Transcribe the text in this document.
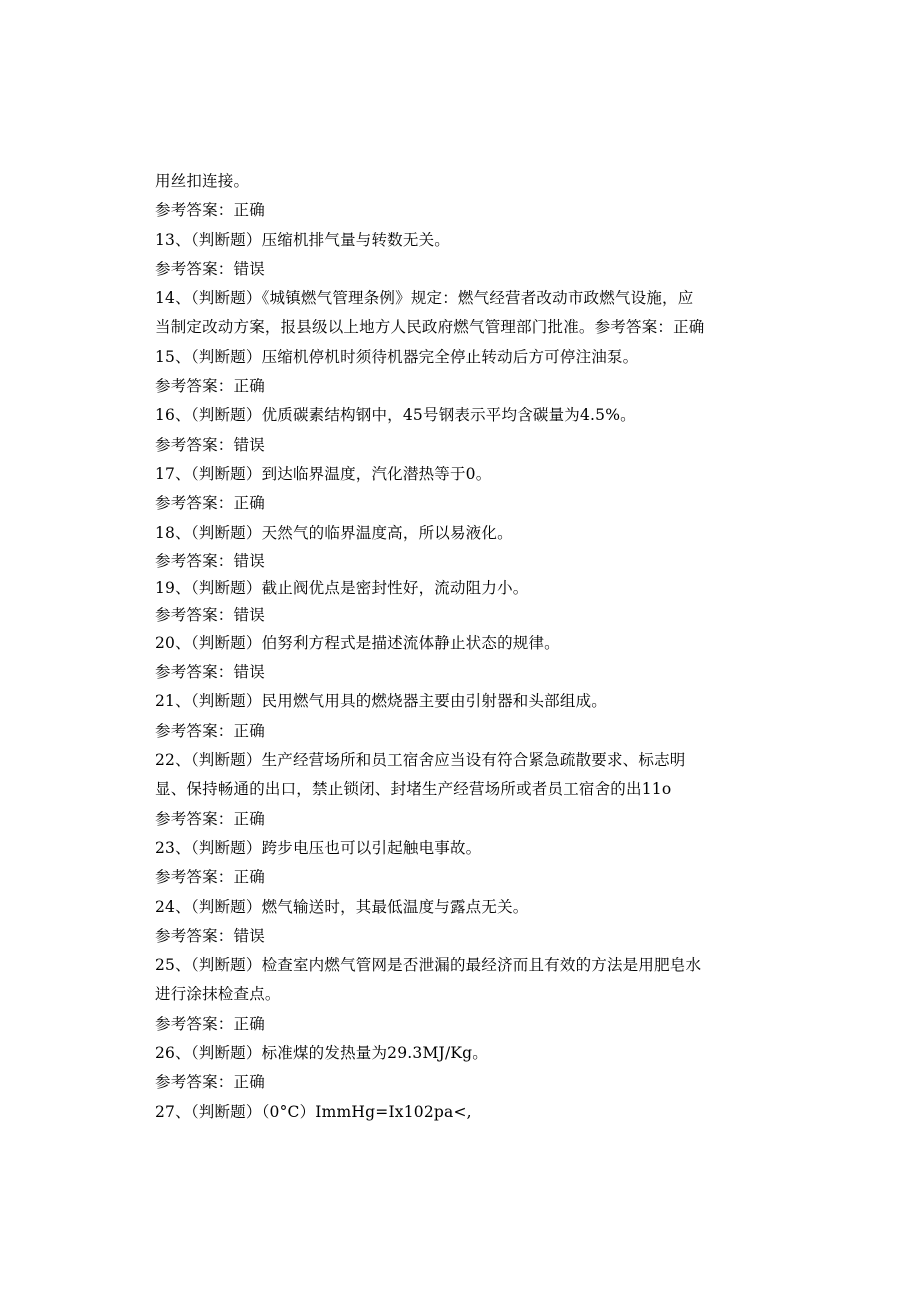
用丝扣连接。
参考答案：正确
13、（判断题）压缩机排气量与转数无关。
参考答案：错误
14、（判断题）《城镇燃气管理条例》规定：燃气经营者改动市政燃气设施，应
当制定改动方案，报县级以上地方人民政府燃气管理部门批准。参考答案：正确
15、（判断题）压缩机停机时须待机器完全停止转动后方可停注油泵。
参考答案：正确
16、（判断题）优质碳素结构钢中，45号钢表示平均含碳量为4.5%。
参考答案：错误
17、（判断题）到达临界温度，汽化潜热等于0。
参考答案：正确
18、（判断题）天然气的临界温度高，所以易液化。
参考答案：错误
19、（判断题）截止阀优点是密封性好，流动阻力小。
参考答案：错误
20、（判断题）伯努利方程式是描述流体静止状态的规律。
参考答案：错误
21、（判断题）民用燃气用具的燃烧器主要由引射器和头部组成。
参考答案：正确
22、（判断题）生产经营场所和员工宿舍应当设有符合紧急疏散要求、标志明
显、保持畅通的出口，禁止锁闭、封堵生产经营场所或者员工宿舍的出11o
参考答案：正确
23、（判断题）跨步电压也可以引起触电事故。
参考答案：正确
24、（判断题）燃气输送时，其最低温度与露点无关。
参考答案：错误
25、（判断题）检查室内燃气管网是否泄漏的最经济而且有效的方法是用肥皂水
进行涂抹检查点。
参考答案：正确
26、（判断题）标准煤的发热量为29.3MJ/Kg。
参考答案：正确
27、（判断题）（0°C）ImmHg=Ix102pa<,
